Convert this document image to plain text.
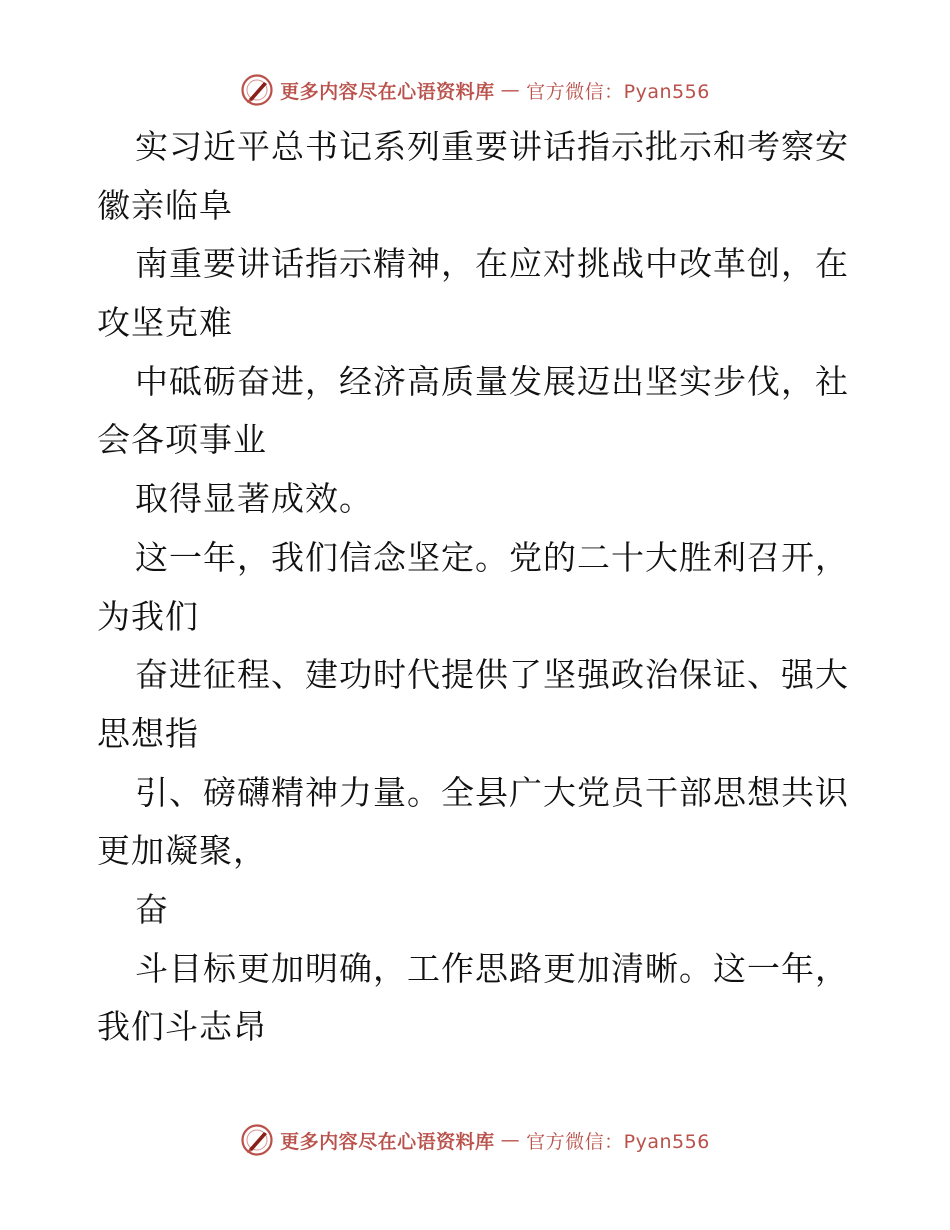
更多内容尽在心语资料库 — 官方微信：Pyan556
实习近平总书记系列重要讲话指示批示和考察安
徽亲临阜
南重要讲话指示精神，在应对挑战中改革创，在
攻坚克难
中砥砺奋进，经济高质量发展迈出坚实步伐，社
会各项事业
取得显著成效。
这一年，我们信念坚定。党的二十大胜利召开，
为我们
奋进征程、建功时代提供了坚强政治保证、强大
思想指
引、磅礴精神力量。全县广大党员干部思想共识
更加凝聚，
奋
斗目标更加明确，工作思路更加清晰。这一年，
我们斗志昂
更多内容尽在心语资料库 — 官方微信：Pyan556
